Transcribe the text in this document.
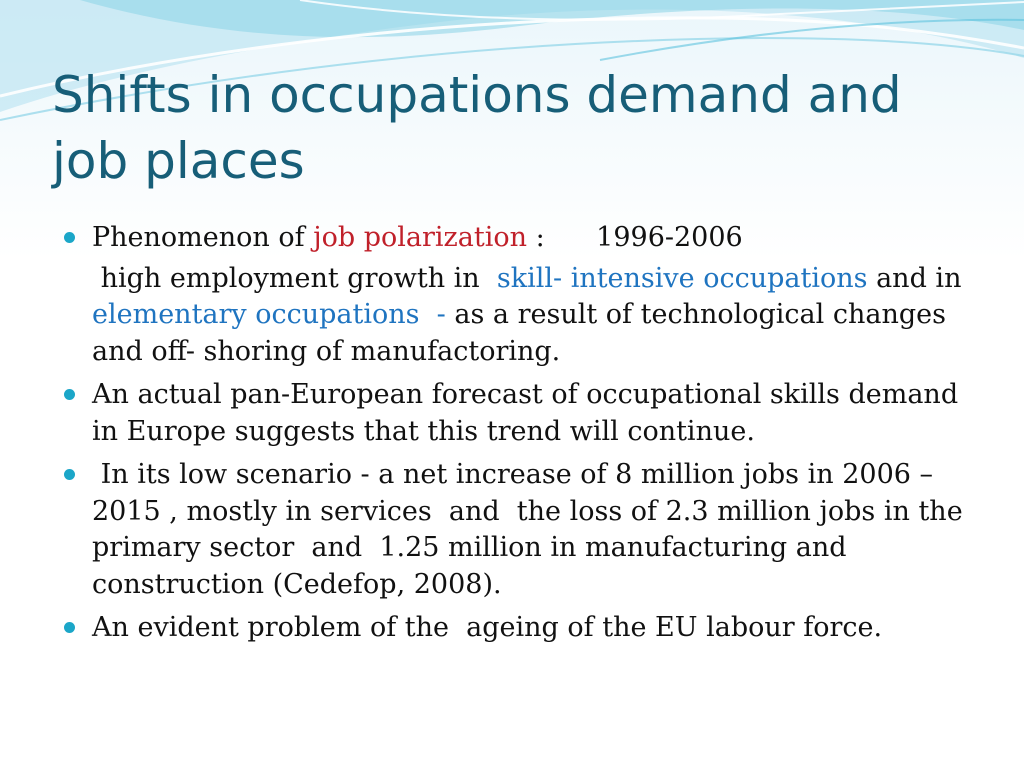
Shifts in occupations demand and job places

Phenomenon of job polarization :      1996-2006

high employment growth in  skill- intensive occupations and in elementary occupations  - as a result of technological changes and off- shoring of manufactoring.

An actual pan-European forecast of occupational skills demand in Europe suggests that this trend will continue.

In its low scenario - a net increase of 8 million jobs in 2006 – 2015 , mostly in services  and  the loss of 2.3 million jobs in the primary sector  and  1.25 million in manufacturing and construction (Cedefop, 2008).

An evident problem of the  ageing of the EU labour force.
